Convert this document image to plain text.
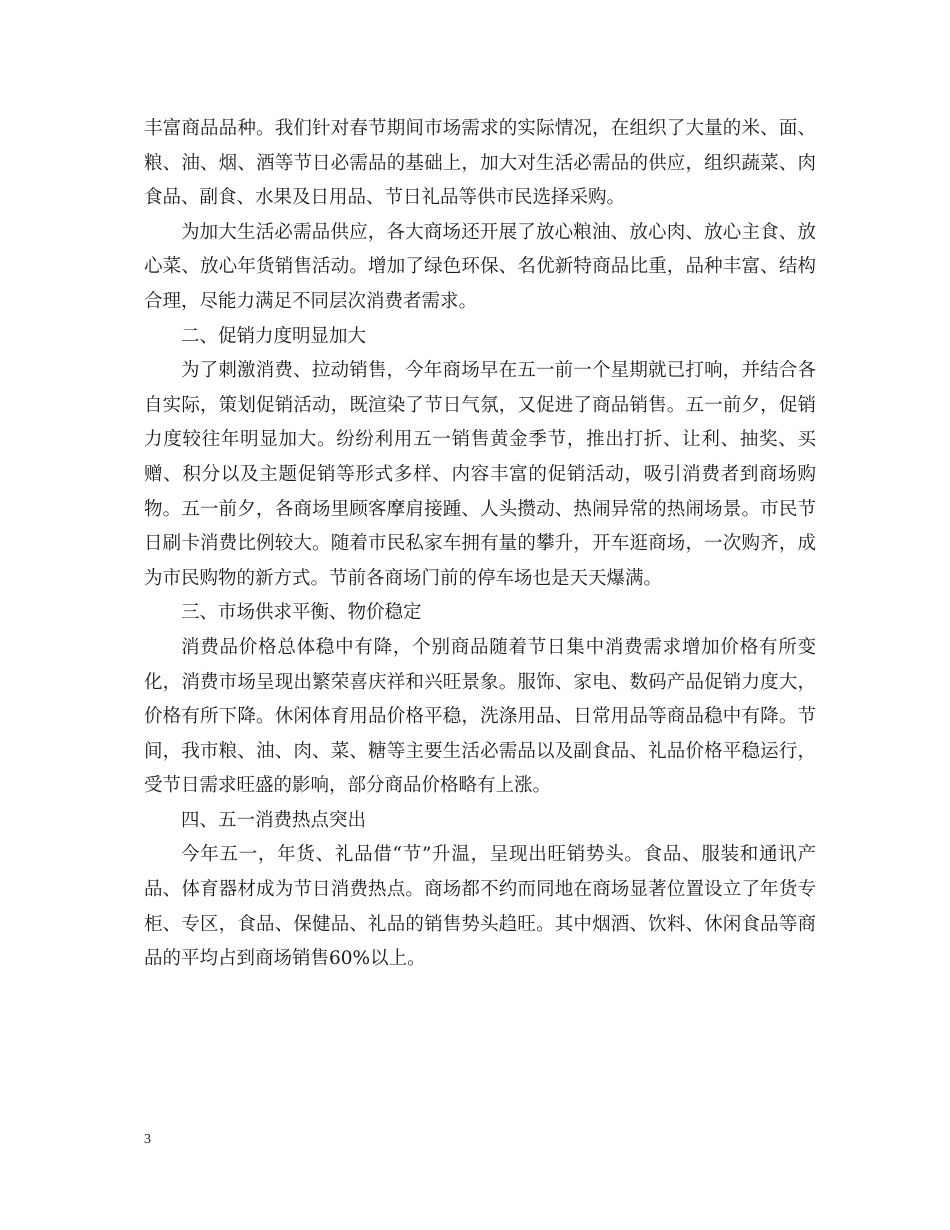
丰富商品品种。我们针对春节期间市场需求的实际情况，在组织了大量的米、面、粮、油、烟、酒等节日必需品的基础上，加大对生活必需品的供应，组织蔬菜、肉食品、副食、水果及日用品、节日礼品等供市民选择采购。

为加大生活必需品供应，各大商场还开展了放心粮油、放心肉、放心主食、放心菜、放心年货销售活动。增加了绿色环保、名优新特商品比重，品种丰富、结构合理，尽能力满足不同层次消费者需求。

二、促销力度明显加大

为了刺激消费、拉动销售，今年商场早在五一前一个星期就已打响，并结合各自实际，策划促销活动，既渲染了节日气氛，又促进了商品销售。五一前夕，促销力度较往年明显加大。纷纷利用五一销售黄金季节，推出打折、让利、抽奖、买赠、积分以及主题促销等形式多样、内容丰富的促销活动，吸引消费者到商场购物。五一前夕，各商场里顾客摩肩接踵、人头攒动、热闹异常的热闹场景。市民节日刷卡消费比例较大。随着市民私家车拥有量的攀升，开车逛商场，一次购齐，成为市民购物的新方式。节前各商场门前的停车场也是天天爆满。

三、市场供求平衡、物价稳定

消费品价格总体稳中有降，个别商品随着节日集中消费需求增加价格有所变化，消费市场呈现出繁荣喜庆祥和兴旺景象。服饰、家电、数码产品促销力度大，价格有所下降。休闲体育用品价格平稳，洗涤用品、日常用品等商品稳中有降。节间，我市粮、油、肉、菜、糖等主要生活必需品以及副食品、礼品价格平稳运行，受节日需求旺盛的影响，部分商品价格略有上涨。

四、五一消费热点突出

今年五一，年货、礼品借“节”升温，呈现出旺销势头。食品、服装和通讯产品、体育器材成为节日消费热点。商场都不约而同地在商场显著位置设立了年货专柜、专区，食品、保健品、礼品的销售势头趋旺。其中烟酒、饮料、休闲食品等商品的平均占到商场销售60%以上。

3
